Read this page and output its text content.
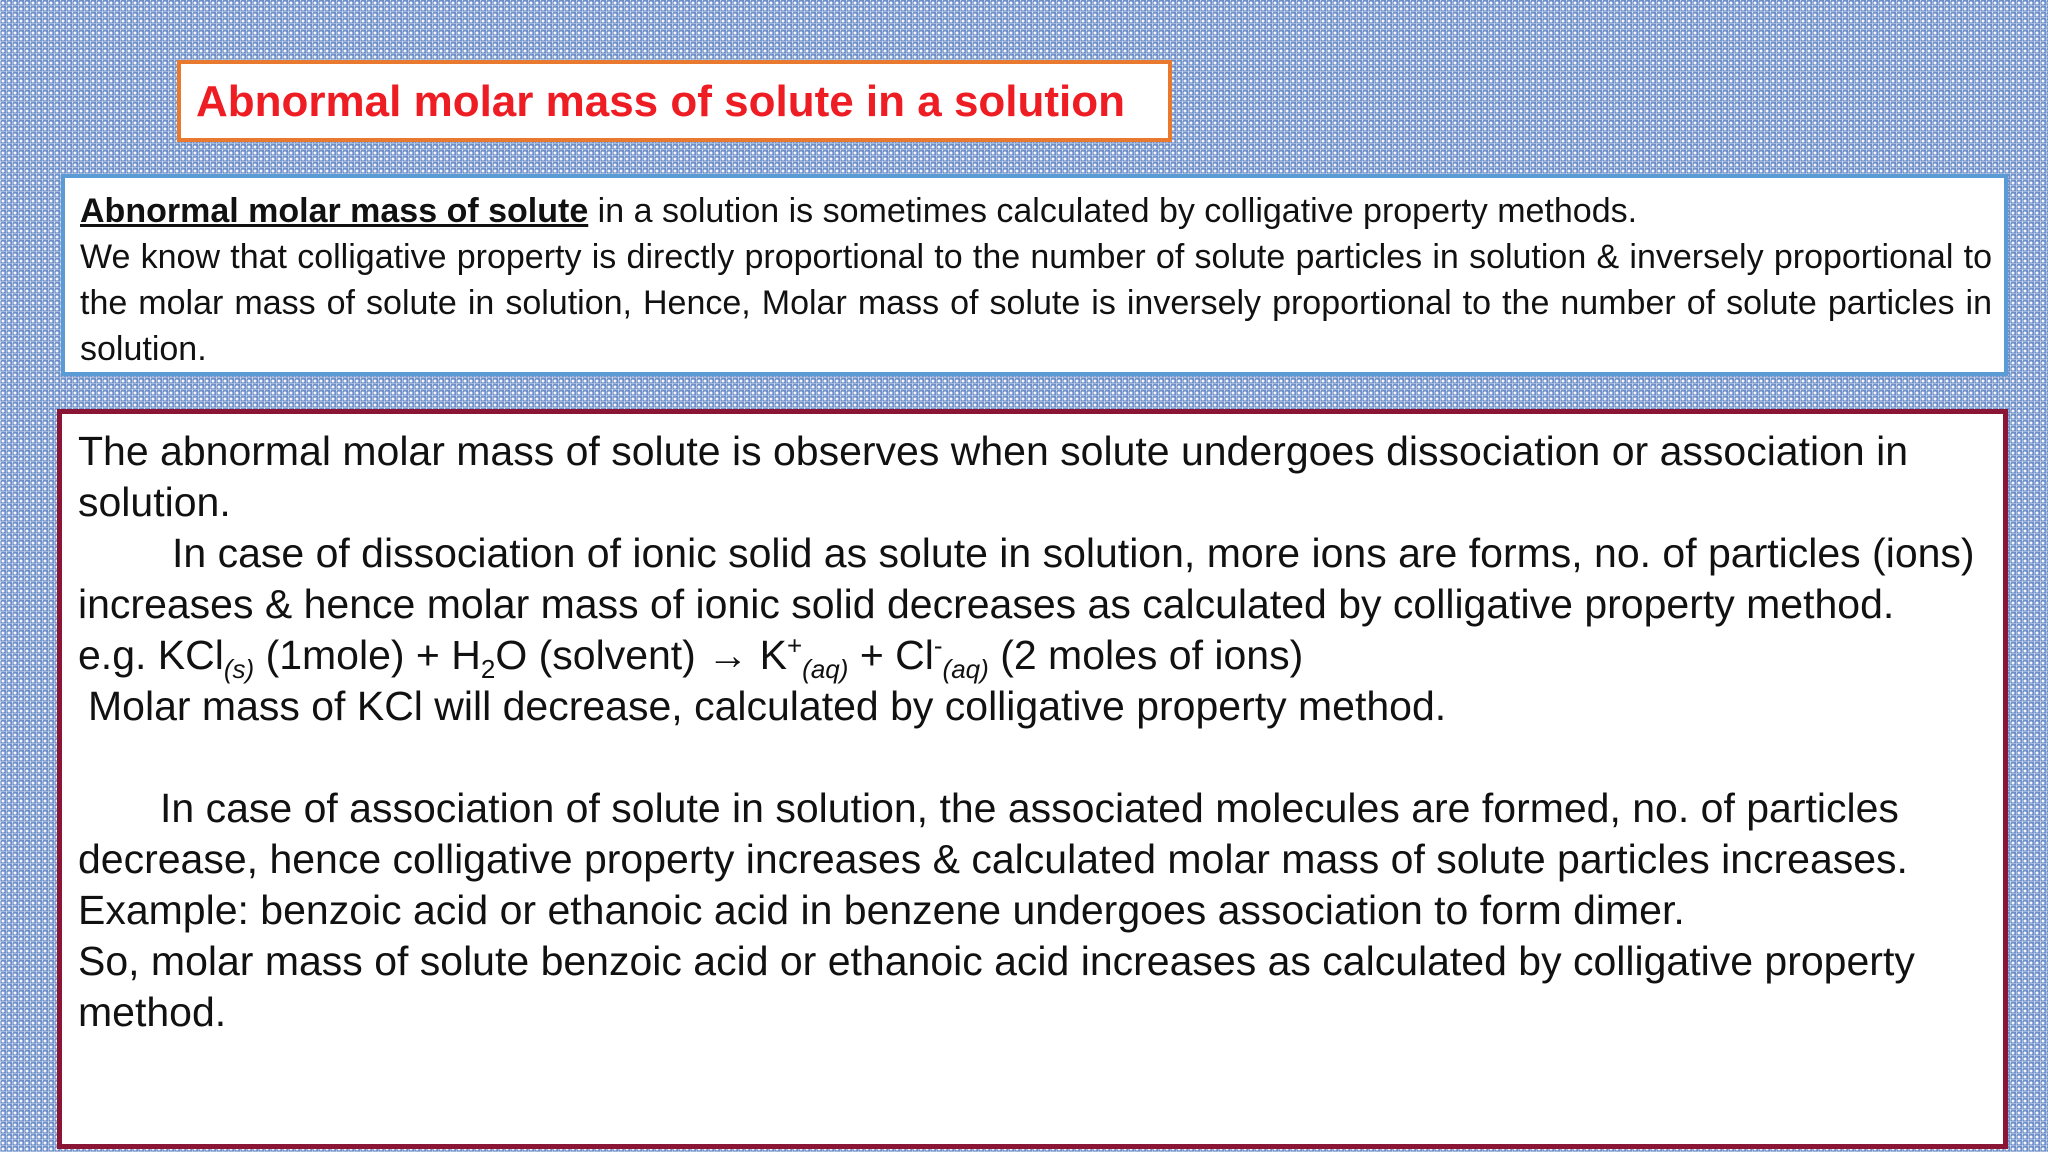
Abnormal molar mass of solute in a solution

Abnormal molar mass of solute in a solution is sometimes calculated by colligative property methods.

We know that colligative property is directly proportional to the number of solute particles in solution & inversely proportional to the molar mass of solute in solution, Hence, Molar mass of solute is inversely proportional to the number of solute particles in solution.

The abnormal molar mass of solute is observes when solute undergoes dissociation or association in solution.

In case of dissociation of ionic solid as solute in solution, more ions are forms, no. of particles (ions) increases & hence molar mass of ionic solid decreases as calculated by colligative property method.

e.g. KCl$_{(s)}$ (1mole) + $H_2O$ (solvent) → $K^+_{(aq)} + Cl^-_{(aq)}$ (2 moles of ions)

Molar mass of KCl will decrease, calculated by colligative property method.

In case of association of solute in solution, the associated molecules are formed, no. of particles decrease, hence colligative property increases & calculated molar mass of solute particles increases.

Example: benzoic acid or ethanoic acid in benzene undergoes association to form dimer.

So, molar mass of solute benzoic acid or ethanoic acid increases as calculated by colligative property method.
